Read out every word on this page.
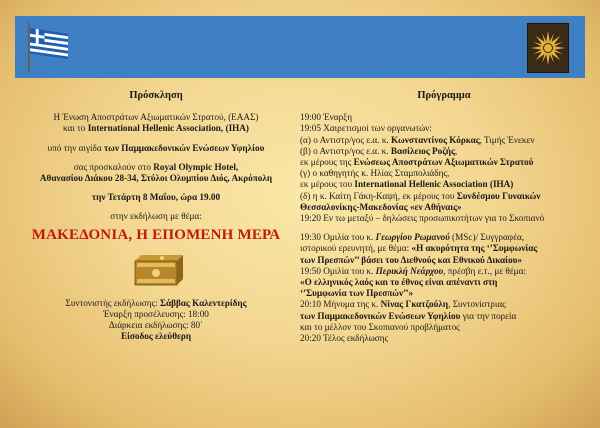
Πρόσκληση

Η Ένωση Αποστράτων Αξιωματικών Στρατού, (ΕΑΑΣ)

και το International Hellenic Association, (IHA)

υπό την αιγίδα των Παμμακεδονικών Ενώσεων Υφηλίου

σας προσκαλούν στο Royal Olympic Hotel,

Αθανασίου Διάκου 28-34, Στύλοι Ολυμπίου Διός, Ακρόπολη

την Τετάρτη 8 Μαΐου, ώρα 19.00

στην εκδήλωση με θέμα:

ΜΑΚΕΔΟΝΙΑ, Η ΕΠΟΜΕΝΗ ΜΕΡΑ

Συντονιστής εκδήλωσης: Σάββας Καλεντερίδης

Έναρξη προσέλευσης: 18:00

Διάρκεια εκδήλωσης: 80΄

Είσοδος ελεύθερη

Πρόγραμμα

19:00 Έναρξη

19:05 Χαιρετισμοί των οργανωτών:

(α) ο Αντιστρ/γος ε.α. κ. Κωνσταντίνος Κόρκας, Τιμής Ένεκεν

(β) ο Αντιστρ/γος ε.α. κ. Βασίλειος Ροζής,

εκ μέρους της Ενώσεως Αποστράτων Αξιωματικών Στρατού

(γ) ο καθηγητής κ. Ηλίας Σταμπολιάδης,

εκ μέρους του International Hellenic Association (IHA)

(δ) η κ. Καίτη Γάκη-Καψή, εκ μέρους του Συνδέσμου Γυναικών

Θεσσαλονίκης-Μακεδονίας «εν Αθήναις»

19:20 Εν τω μεταξύ – δηλώσεις προσωπικοτήτων για το Σκοπιανό

19:30 Ομιλία του κ. Γεωργίου Ρωμανού (MSc)/ Συγγραφέα,

ιστορικού ερευνητή, με θέμα: «Η ακυρότητα της ‘’Συμφωνίας

των Πρεσπών’’ βάσει του Διεθνούς και Εθνικού Δικαίου»

19:50 Ομιλία του κ. Περικλή Νεάρχου, πρέσβη ε.τ., με θέμα:

«Ο ελληνικός λαός και το έθνος είναι απέναντι στη

‘’Συμφωνία των Πρεσπών’’»

20:10 Μήνυμα της κ. Νίνας Γκατζούλη, Συντονίστριας

των Παμμακεδονικών Ενώσεων Υφηλίου για την πορεία

και το μέλλον του Σκοπιανού προβλήματος

20:20 Τέλος εκδήλωσης
